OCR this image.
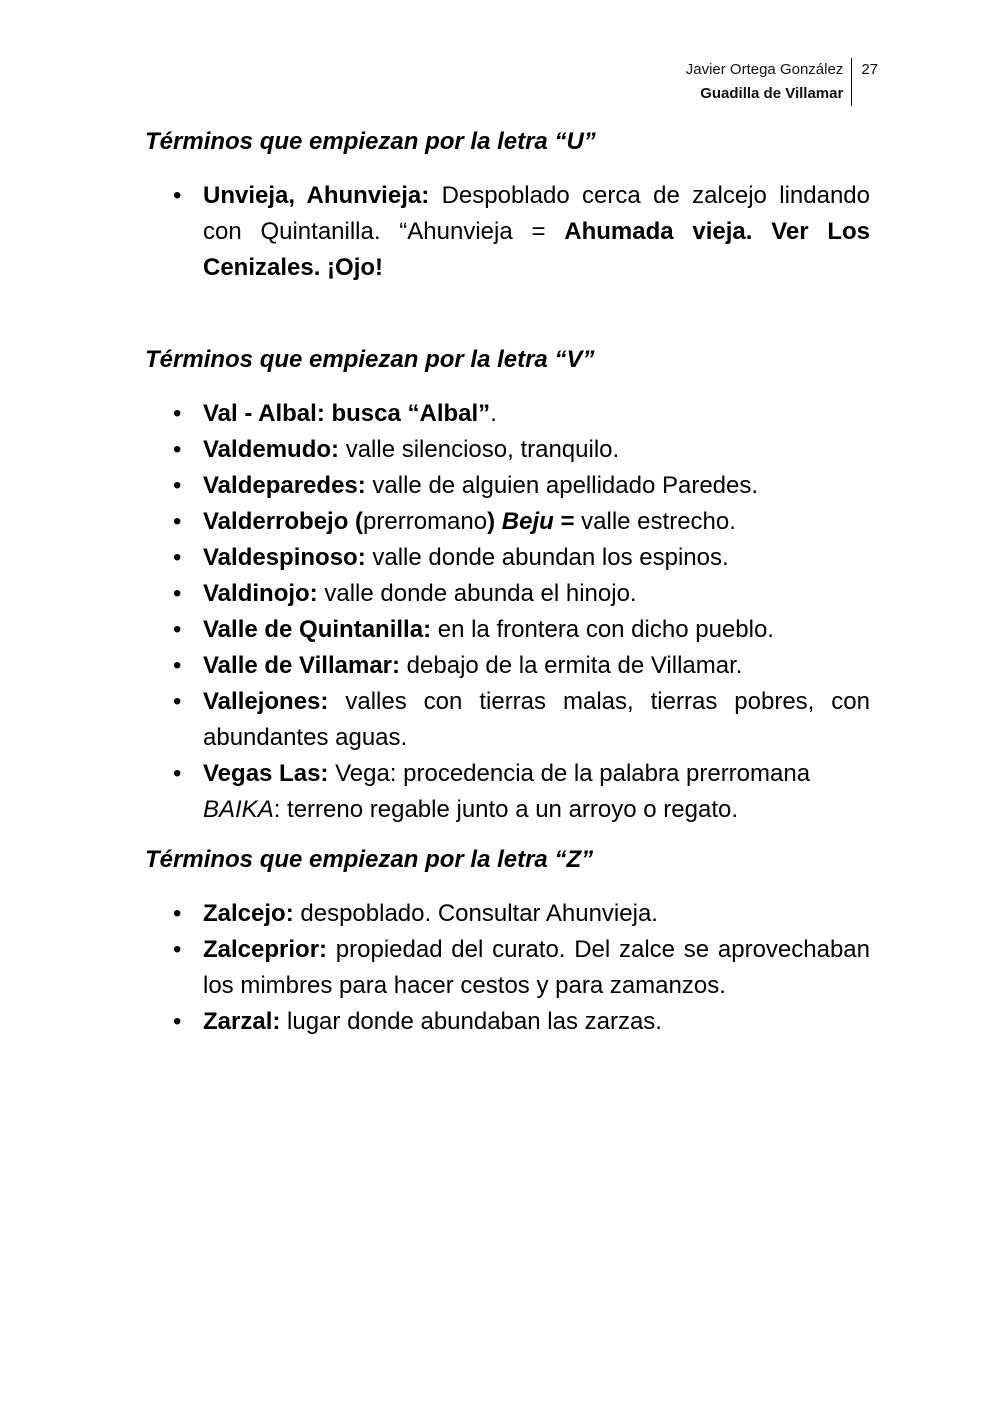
Javier Ortega González
Guadilla de Villamar
27
Términos que empiezan por la letra “U”
• Unvieja, Ahunvieja: Despoblado cerca de zalcejo lindando con Quintanilla. “Ahunvieja = Ahumada vieja. Ver Los Cenizales. ¡Ojo!
Términos que empiezan por la letra “V”
• Val - Albal: busca “Albal”.
• Valdemudo: valle silencioso, tranquilo.
• Valdeparedes: valle de alguien apellidado Paredes.
• Valderrobejo (prerromano) Beju = valle estrecho.
• Valdespinoso: valle donde abundan los espinos.
• Valdinojo: valle donde abunda el hinojo.
• Valle de Quintanilla: en la frontera con dicho pueblo.
• Valle de Villamar: debajo de la ermita de Villamar.
• Vallejones: valles con tierras malas, tierras pobres, con abundantes aguas.
• Vegas Las: Vega: procedencia de la palabra prerromana BAIKA: terreno regable junto a un arroyo o regato.
Términos que empiezan por la letra “Z”
• Zalcejo: despoblado. Consultar Ahunvieja.
• Zalceprior: propiedad del curato. Del zalce se aprovechaban los mimbres para hacer cestos y para zamanzos.
• Zarzal: lugar donde abundaban las zarzas.
